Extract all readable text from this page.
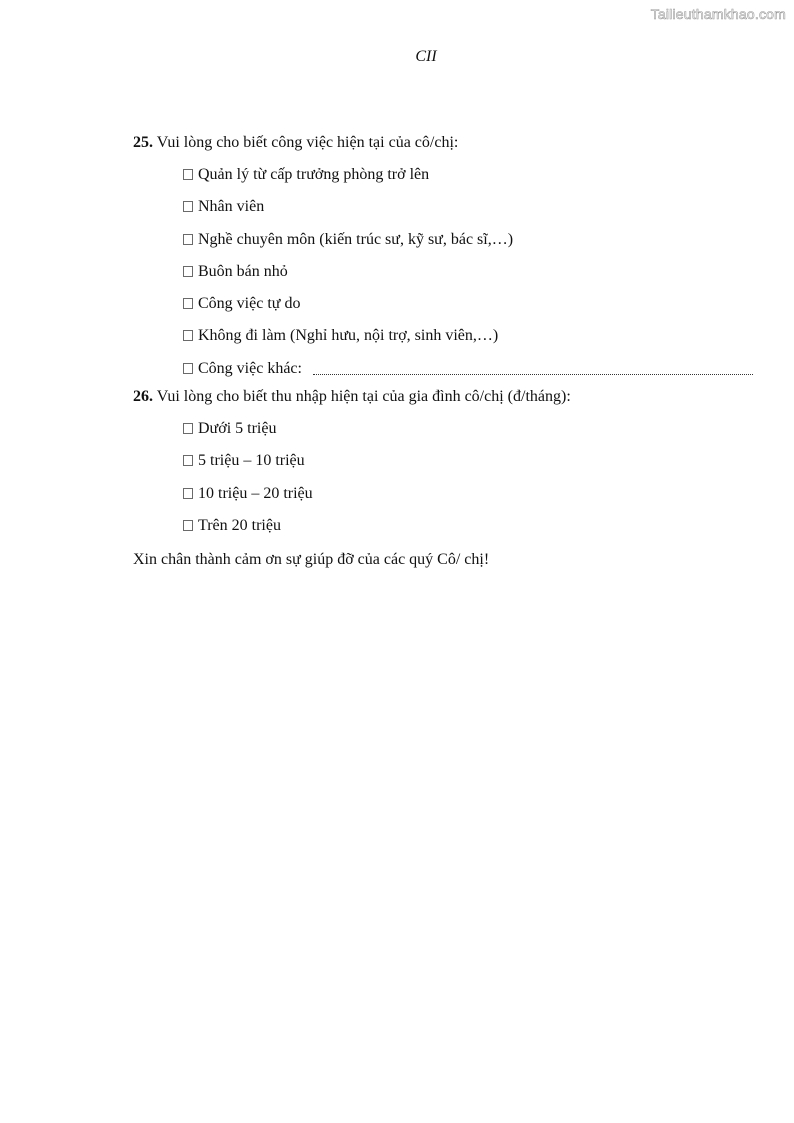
Tailieuthamkhao.com
CII
25. Vui lòng cho biết công việc hiện tại của cô/chị:
Quản lý từ cấp trưởng phòng trở lên
Nhân viên
Nghề chuyên môn (kiến trúc sư, kỹ sư, bác sĩ,…)
Buôn bán nhỏ
Công việc tự do
Không đi làm (Nghỉ hưu, nội trợ, sinh viên,…)
Công việc khác:
26. Vui lòng cho biết thu nhập hiện tại của gia đình cô/chị (đ/tháng):
Dưới 5 triệu
5 triệu – 10 triệu
10 triệu – 20 triệu
Trên 20 triệu
Xin chân thành cảm ơn sự giúp đỡ của các quý Cô/ chị!
